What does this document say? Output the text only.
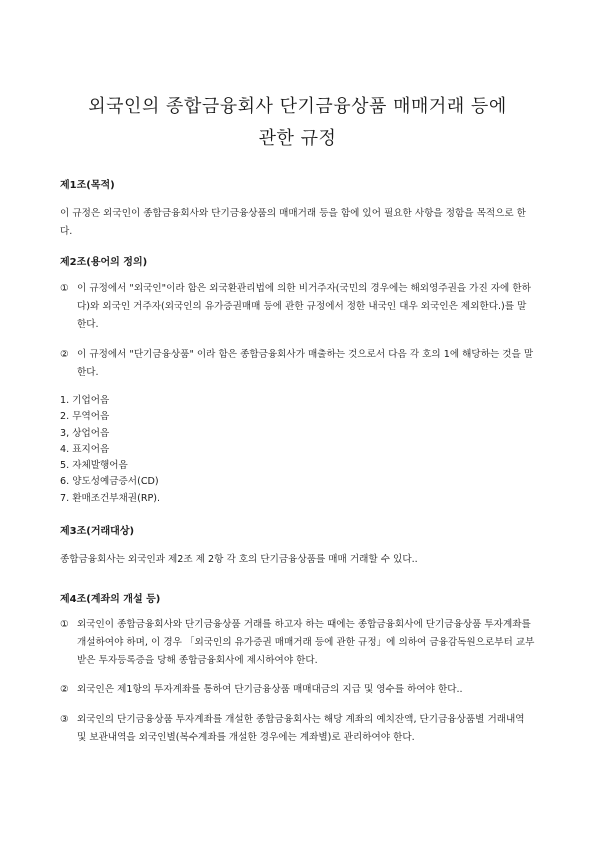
외국인의 종합금융회사 단기금융상품 매매거래 등에
관한 규정
제1조(목적)

이 규정은 외국인이 종합금융회사와 단기금융상품의 매매거래 등을 함에 있어 필요한 사항을 정함을 목적으로 한다.

제2조(용어의 정의)
① 이 규정에서 "외국인"이라 함은 외국환관리법에 의한 비거주자(국민의 경우에는 해외영주권을 가진 자에 한하다)와 외국인 거주자(외국인의 유가증권매매 등에 관한 규정에서 정한 내국인 대우 외국인은 제외한다.)를 말한다.
② 이 규정에서 "단기금융상품" 이라 함은 종합금융회사가 매출하는 것으로서 다음 각 호의 1에 해당하는 것을 말한다.
1. 기업어음
2. 무역어음
3, 상업어음
4. 표지어음
5. 자체발행어음
6. 양도성예금증서(CD)
7. 환매조건부채권(RP).
제3조(거래대상)

종합금융회사는 외국인과 제2조 제 2항 각 호의 단기금융상품를 매매 거래할 수 있다..

제4조(계좌의 개설 등)
① 외국인이 종합금융회사와 단기금융상품 거래를 하고자 하는 때에는 종합금융회사에 단기금융상품 투자계좌를 개설하여야 하며, 이 경우 「외국인의 유가증권 매매거래 등에 관한 규정」에 의하여 금융감독원으로부터 교부받은 투자등록증을 당해 종합금융회사에 제시하여야 한다.
② 외국인은 제1항의 투자계좌를 통하여 단기금융상품 매매대금의 지급 및 영수를 하여야 한다..
③ 외국인의 단기금융상품 투자계좌를 개설한 종합금융회사는 해당 계좌의 예치잔액, 단기금융상품별 거래내역 및 보관내역을 외국인별(복수계좌를 개설한 경우에는 계좌별)로 관리하여야 한다.
